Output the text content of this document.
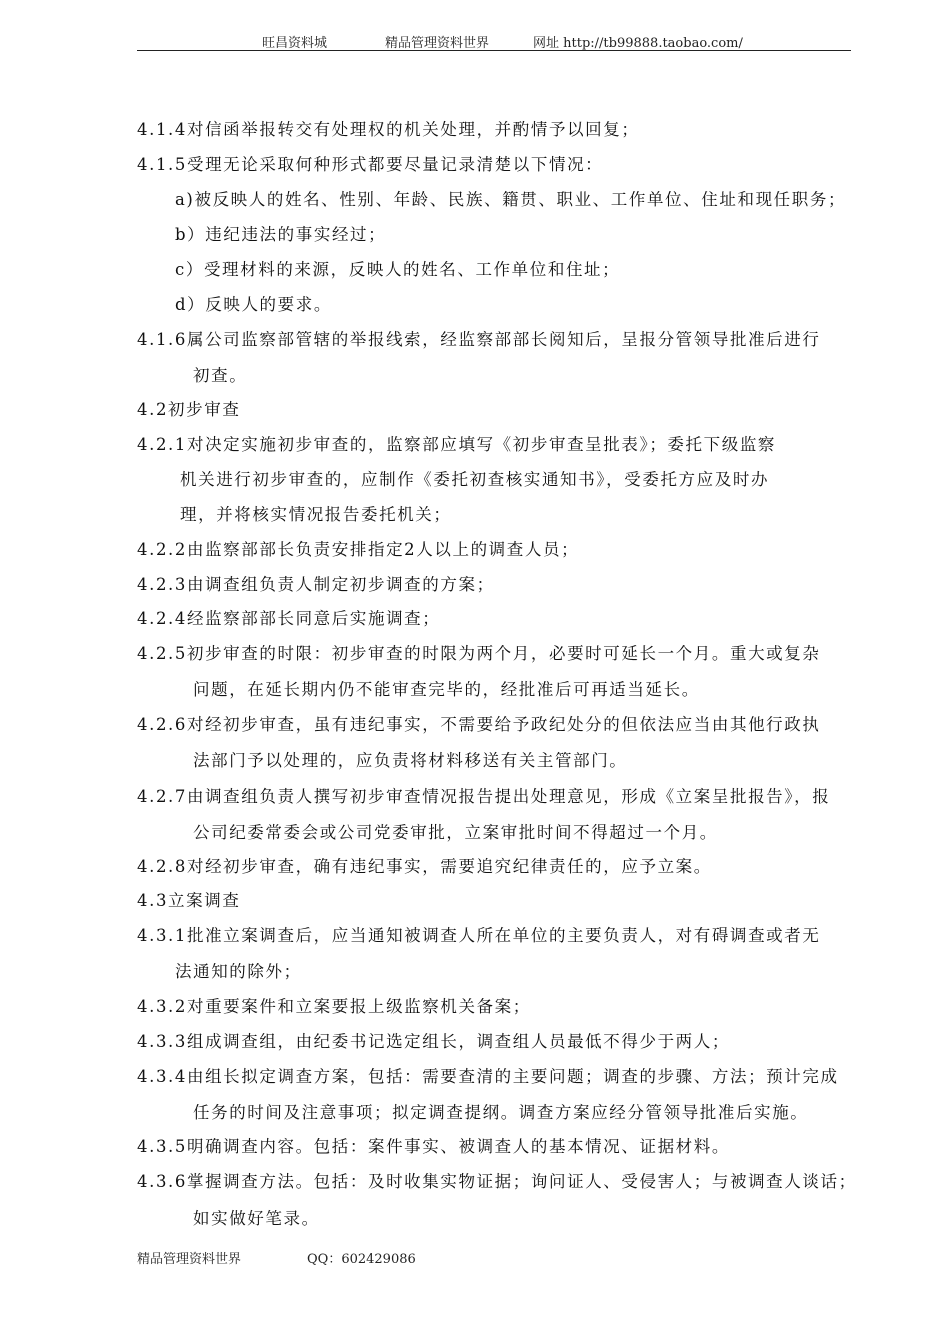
旺昌资料城	精品管理资料世界	网址 http://tb99888.taobao.com/
4.1.4对信函举报转交有处理权的机关处理，并酌情予以回复；
4.1.5受理无论采取何种形式都要尽量记录清楚以下情况：
a)被反映人的姓名、性别、年龄、民族、籍贯、职业、工作单位、住址和现任职务；
b）违纪违法的事实经过；
c）受理材料的来源，反映人的姓名、工作单位和住址；
d）反映人的要求。
4.1.6属公司监察部管辖的举报线索，经监察部部长阅知后，呈报分管领导批准后进行
初查。
4.2初步审查
4.2.1对决定实施初步审查的，监察部应填写《初步审查呈批表》；委托下级监察
机关进行初步审查的，应制作《委托初查核实通知书》，受委托方应及时办
理，并将核实情况报告委托机关；
4.2.2由监察部部长负责安排指定2人以上的调查人员；
4.2.3由调查组负责人制定初步调查的方案；
4.2.4经监察部部长同意后实施调查；
4.2.5初步审查的时限：初步审查的时限为两个月，必要时可延长一个月。重大或复杂
问题，在延长期内仍不能审查完毕的，经批准后可再适当延长。
4.2.6对经初步审查，虽有违纪事实，不需要给予政纪处分的但依法应当由其他行政执
法部门予以处理的，应负责将材料移送有关主管部门。
4.2.7由调查组负责人撰写初步审查情况报告提出处理意见，形成《立案呈批报告》，报
公司纪委常委会或公司党委审批，立案审批时间不得超过一个月。
4.2.8对经初步审查，确有违纪事实，需要追究纪律责任的，应予立案。
4.3立案调查
4.3.1批准立案调查后，应当通知被调查人所在单位的主要负责人，对有碍调查或者无
法通知的除外；
4.3.2对重要案件和立案要报上级监察机关备案；
4.3.3组成调查组，由纪委书记选定组长，调查组人员最低不得少于两人；
4.3.4由组长拟定调查方案，包括：需要查清的主要问题；调查的步骤、方法；预计完成
任务的时间及注意事项；拟定调查提纲。调查方案应经分管领导批准后实施。
4.3.5明确调查内容。包括：案件事实、被调查人的基本情况、证据材料。
4.3.6掌握调查方法。包括：及时收集实物证据；询问证人、受侵害人；与被调查人谈话；
如实做好笔录。
精品管理资料世界	QQ：602429086
